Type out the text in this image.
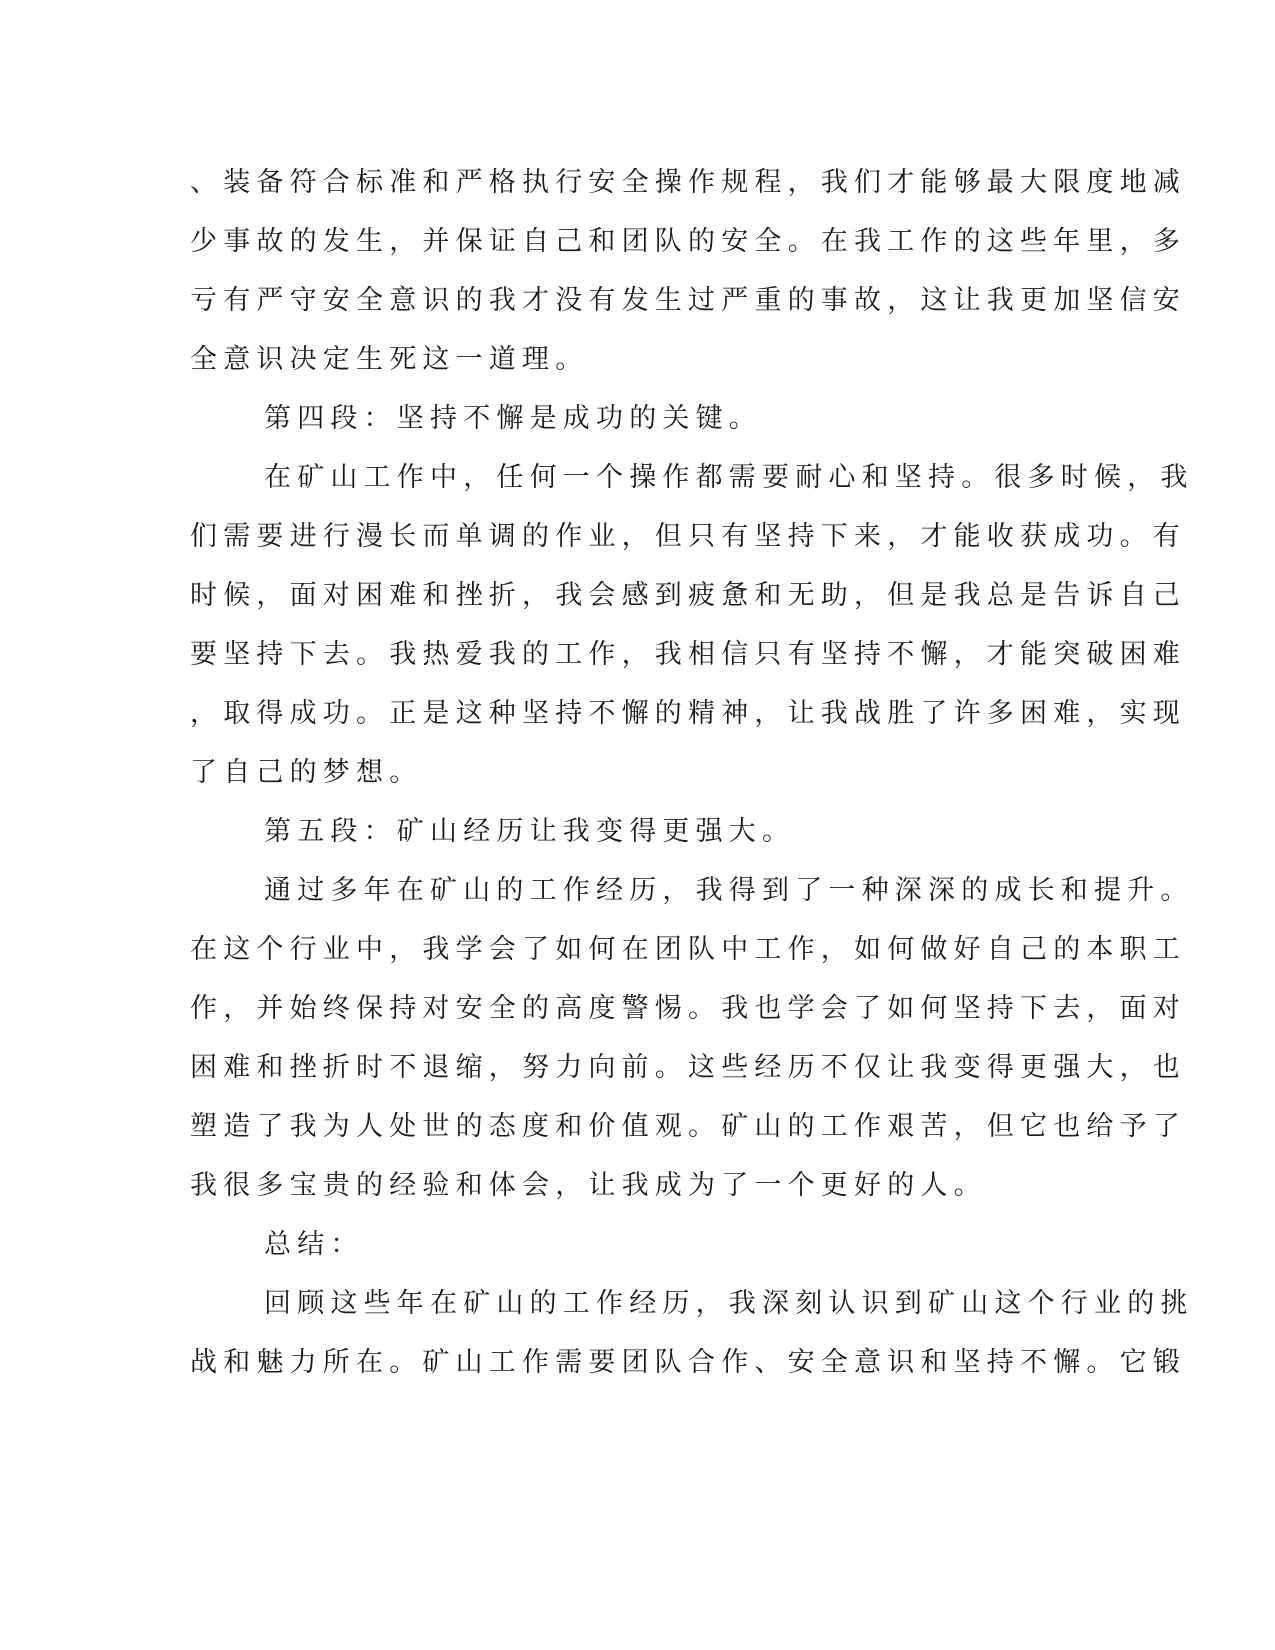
、装备符合标准和严格执行安全操作规程，我们才能够最大限度地减
少事故的发生，并保证自己和团队的安全。在我工作的这些年里，多
亏有严守安全意识的我才没有发生过严重的事故，这让我更加坚信安
全意识决定生死这一道理。
第四段：坚持不懈是成功的关键。
在矿山工作中，任何一个操作都需要耐心和坚持。很多时候，我
们需要进行漫长而单调的作业，但只有坚持下来，才能收获成功。有
时候，面对困难和挫折，我会感到疲惫和无助，但是我总是告诉自己
要坚持下去。我热爱我的工作，我相信只有坚持不懈，才能突破困难
，取得成功。正是这种坚持不懈的精神，让我战胜了许多困难，实现
了自己的梦想。
第五段：矿山经历让我变得更强大。
通过多年在矿山的工作经历，我得到了一种深深的成长和提升。
在这个行业中，我学会了如何在团队中工作，如何做好自己的本职工
作，并始终保持对安全的高度警惕。我也学会了如何坚持下去，面对
困难和挫折时不退缩，努力向前。这些经历不仅让我变得更强大，也
塑造了我为人处世的态度和价值观。矿山的工作艰苦，但它也给予了
我很多宝贵的经验和体会，让我成为了一个更好的人。
总结：
回顾这些年在矿山的工作经历，我深刻认识到矿山这个行业的挑
战和魅力所在。矿山工作需要团队合作、安全意识和坚持不懈。它锻
